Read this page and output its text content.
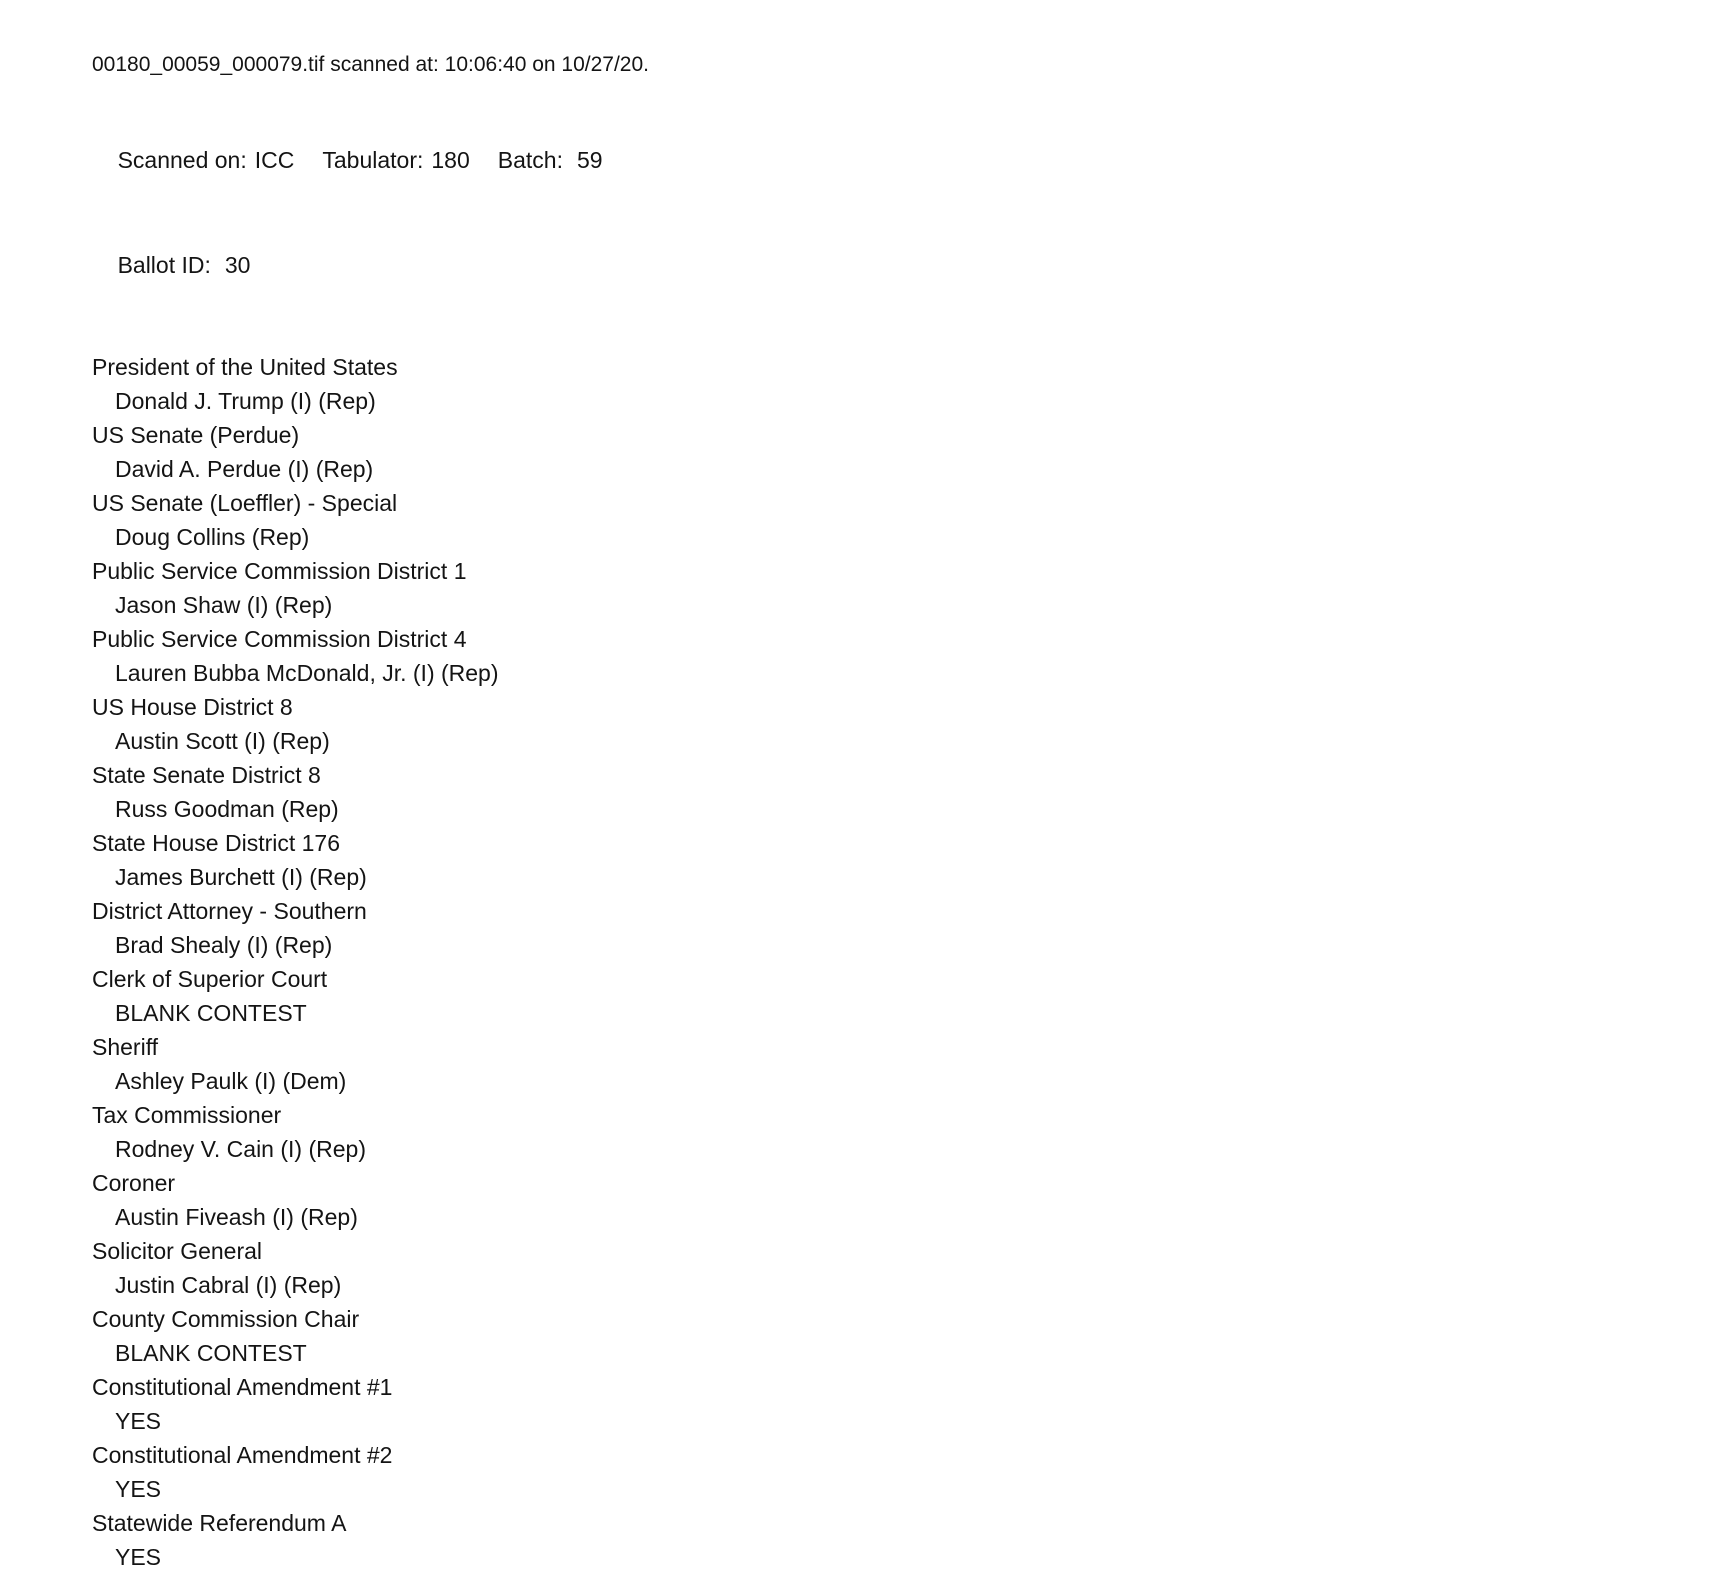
00180_00059_000079.tif scanned at: 10:06:40 on 10/27/20.

Scanned on: ICC Tabulator: 180 Batch: 59

Ballot ID: 30

President of the United States
Donald J. Trump (I) (Rep)
US Senate (Perdue)
David A. Perdue (I) (Rep)
US Senate (Loeffler) - Special
Doug Collins (Rep)
Public Service Commission District 1
Jason Shaw (I) (Rep)
Public Service Commission District 4
Lauren Bubba McDonald, Jr. (I) (Rep)
US House District 8
Austin Scott (I) (Rep)
State Senate District 8
Russ Goodman (Rep)
State House District 176
James Burchett (I) (Rep)
District Attorney - Southern
Brad Shealy (I) (Rep)
Clerk of Superior Court
BLANK CONTEST
Sheriff
Ashley Paulk (I) (Dem)
Tax Commissioner
Rodney V. Cain (I) (Rep)
Coroner
Austin Fiveash (I) (Rep)
Solicitor General
Justin Cabral (I) (Rep)
County Commission Chair
BLANK CONTEST
Constitutional Amendment #1
YES
Constitutional Amendment #2
YES
Statewide Referendum A
YES
